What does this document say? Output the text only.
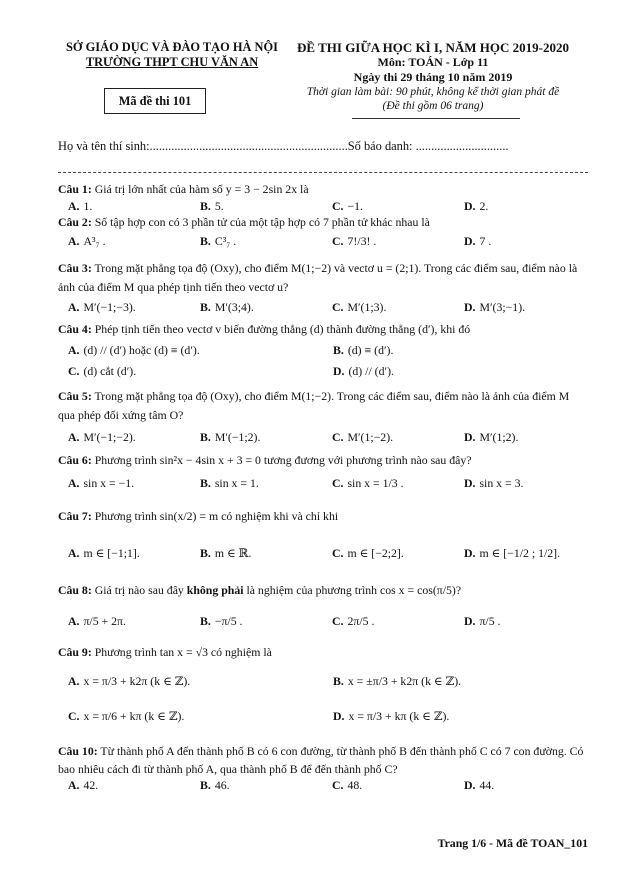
SỞ GIÁO DỤC VÀ ĐÀO TẠO HÀ NỘI
TRƯỜNG THPT CHU VĂN AN
Mã đề thi 101
ĐỀ THI GIỮA HỌC KÌ I, NĂM HỌC 2019-2020
Môn: TOÁN - Lớp 11
Ngày thi 29 tháng 10 năm 2019
Thời gian làm bài: 90 phút, không kể thời gian phát đề
(Đề thi gồm 06 trang)
Họ và tên thí sinh:................................................................Số báo danh: ..............................

Câu 1: Giá trị lớn nhất của hàm số y = 3 − 2sin 2x là

A. 1.	B. 5.	C. −1.	D. 2.

Câu 2: Số tập hợp con có 3 phần tử của một tập hợp có 7 phần tử khác nhau là

A. A³₇ .	B. C³₇ .	C. 7!/3! .	D. 7 .

Câu 3: Trong mặt phẳng tọa độ (Oxy), cho điểm M(1;−2) và vectơ u = (2;1). Trong các điểm sau, điểm nào là ảnh của điểm M qua phép tịnh tiến theo vectơ u?

A. M′(−1;−3).	B. M′(3;4).	C. M′(1;3).	D. M′(3;−1).

Câu 4: Phép tịnh tiến theo vectơ v biến đường thẳng (d) thành đường thẳng (d′), khi đó

A. (d) // (d′) hoặc (d) ≡ (d′).	B. (d) ≡ (d′).
C. (d) cắt (d′).	D. (d) // (d′).

Câu 5: Trong mặt phẳng tọa độ (Oxy), cho điểm M(1;−2). Trong các điểm sau, điểm nào là ảnh của điểm M qua phép đối xứng tâm O?

A. M′(−1;−2).	B. M′(−1;2).	C. M′(1;−2).	D. M′(1;2).

Câu 6: Phương trình sin²x − 4sin x + 3 = 0 tương đương với phương trình nào sau đây?

A. sin x = −1.	B. sin x = 1.	C. sin x = 1/3 .	D. sin x = 3.

Câu 7: Phương trình sin(x/2) = m có nghiệm khi và chỉ khi

A. m ∈ [−1;1].	B. m ∈ ℝ.	C. m ∈ [−2;2].	D. m ∈ [−1/2 ; 1/2].

Câu 8: Giá trị nào sau đây không phải là nghiệm của phương trình cos x = cos(π/5)?

A. π/5 + 2π.	B. −π/5 .	C. 2π/5 .	D. π/5 .

Câu 9: Phương trình tan x = √3 có nghiệm là

A. x = π/3 + k2π (k ∈ ℤ).	B. x = ±π/3 + k2π (k ∈ ℤ).
C. x = π/6 + kπ (k ∈ ℤ).	D. x = π/3 + kπ (k ∈ ℤ).

Câu 10: Từ thành phố A đến thành phố B có 6 con đường, từ thành phố B đến thành phố C có 7 con đường. Có bao nhiêu cách đi từ thành phố A, qua thành phố B để đến thành phố C?

A. 42.	B. 46.	C. 48.	D. 44.
Trang 1/6 - Mã đề TOAN_101
